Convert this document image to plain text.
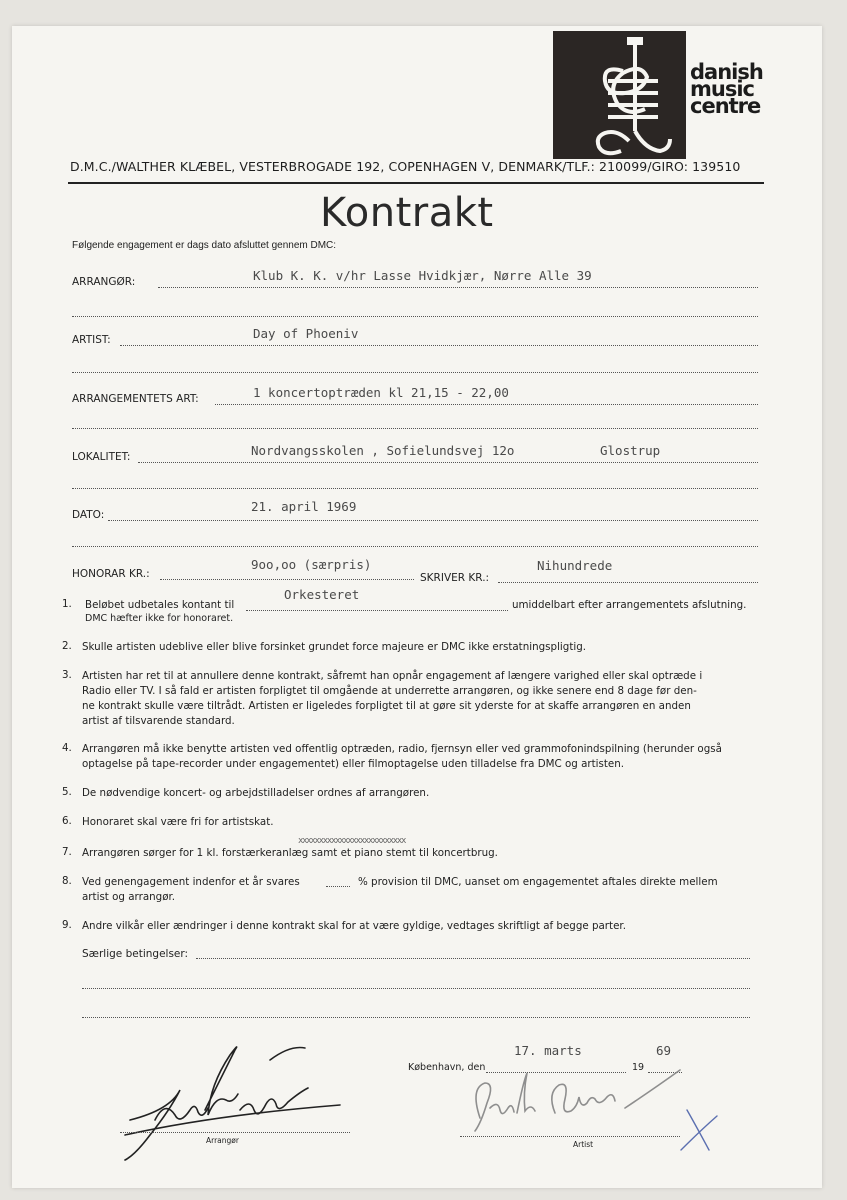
danish
music
centre
D.M.C./WALTHER KLÆBEL, VESTERBROGADE 192, COPENHAGEN V, DENMARK/TLF.: 210099/GIRO: 139510
Kontrakt
Følgende engagement er dags dato afsluttet gennem DMC:
ARRANGØR:	Klub K. K. v/hr Lasse Hvidkjær, Nørre Alle 39
ARTIST:	Day of Phoeniv
ARRANGEMENTETS ART:	1 koncertoptræden kl 21,15 - 22,00
LOKALITET:	Nordvangsskolen , Sofielundsvej 12o	Glostrup
DATO:
21. april 1969
HONORAR KR.:
9oo,oo (særpris)
SKRIVER KR.:
Nihundrede
1. Beløbet udbetales kontant til
Orkesteret
umiddelbart efter arrangementets afslutning.
DMC hæfter ikke for honoraret.
2. Skulle artisten udeblive eller blive forsinket grundet force majeure er DMC ikke erstatningspligtig.
3. Artisten har ret til at annullere denne kontrakt, såfremt han opnår engagement af længere varighed eller skal optræde i
Radio eller TV. I så fald er artisten forpligtet til omgående at underrette arrangøren, og ikke senere end 8 dage før den-
ne kontrakt skulle være tiltrådt. Artisten er ligeledes forpligtet til at gøre sit yderste for at skaffe arrangøren en anden
artist af tilsvarende standard.
4. Arrangøren må ikke benytte artisten ved offentlig optræden, radio, fjernsyn eller ved grammofonindspilning (herunder også
optagelse på tape-recorder under engagementet) eller filmoptagelse uden tilladelse fra DMC og artisten.
5. De nødvendige koncert- og arbejdstilladelser ordnes af arrangøren.
6. Honoraret skal være fri for artistskat.
xxxxxxxxxxxxxxxxxxxxxxxxxx
7. Arrangøren sørger for 1 kl. forstærkeranlæg samt et piano stemt til koncertbrug.
8. Ved genengagement indenfor et år svares	% provision til DMC, uanset om engagementet aftales direkte mellem
artist og arrangør.
9. Andre vilkår eller ændringer i denne kontrakt skal for at være gyldige, vedtages skriftligt af begge parter.
Særlige betingelser:
København, den
17. marts
19
69
Arrangør	Artist
